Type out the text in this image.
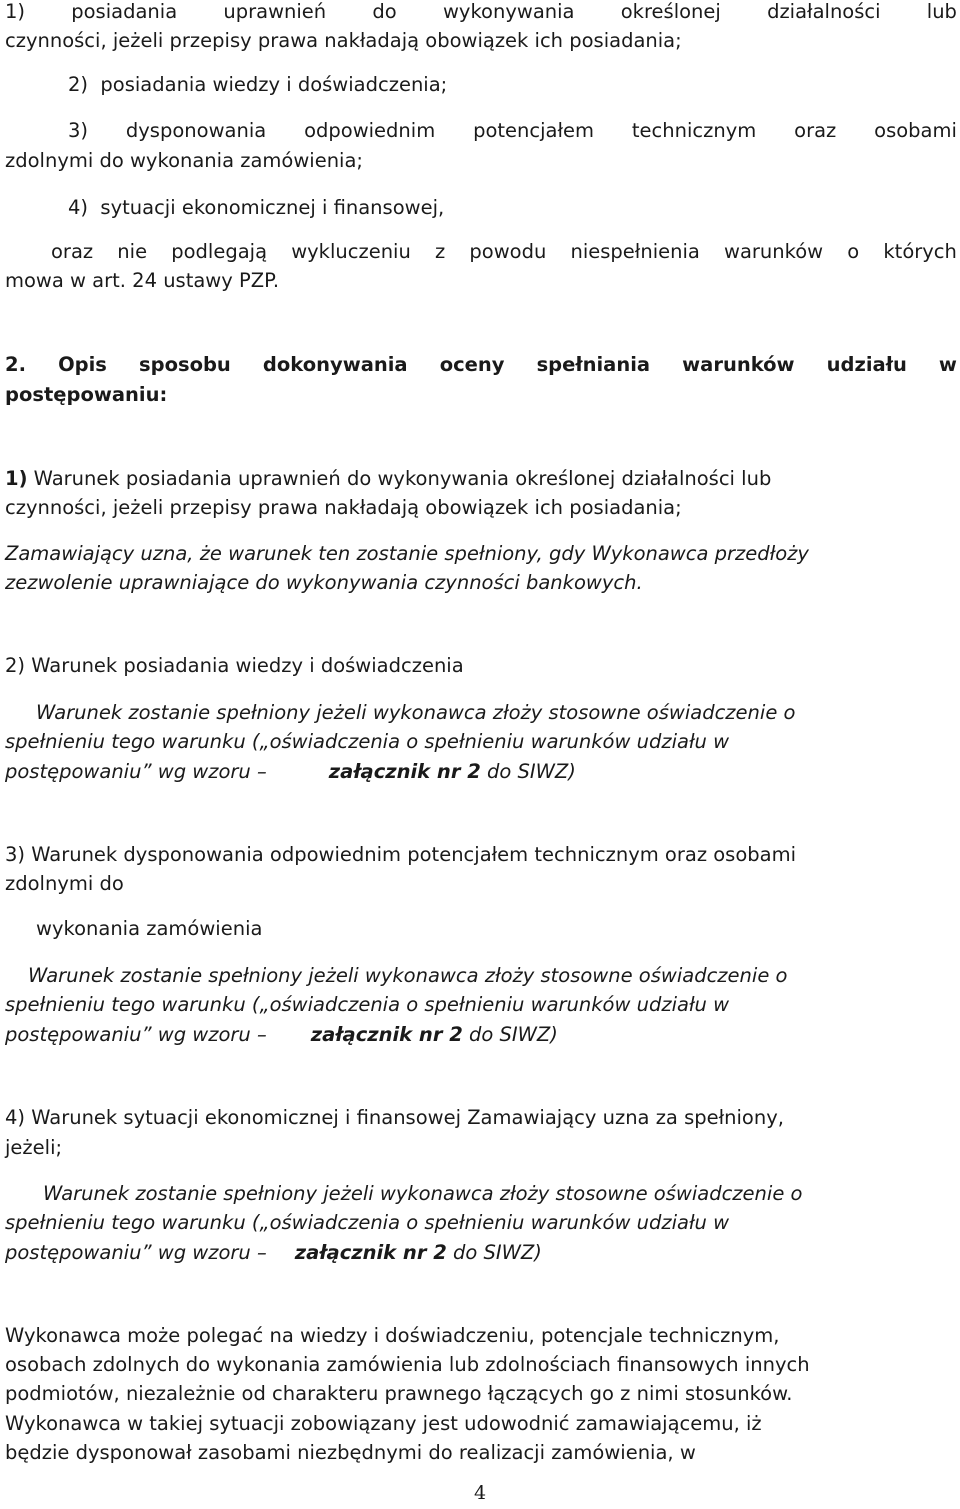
1) posiadania uprawnień do wykonywania określonej działalności lub
czynności, jeżeli przepisy prawa nakładają obowiązek ich posiadania;
2)  posiadania wiedzy i doświadczenia;
3) dysponowania odpowiednim potencjałem technicznym oraz osobami
zdolnymi do wykonania zamówienia;
4)  sytuacji ekonomicznej i finansowej,
oraz nie podlegają wykluczeniu z powodu niespełnienia warunków o których
mowa w art. 24 ustawy PZP.
2. Opis sposobu dokonywania oceny spełniania warunków udziału w
postępowaniu:
1) Warunek posiadania uprawnień do wykonywania określonej działalności lub
czynności, jeżeli przepisy prawa nakładają obowiązek ich posiadania;
Zamawiający uzna, że warunek ten zostanie spełniony, gdy Wykonawca przedłoży
zezwolenie uprawniające do wykonywania czynności bankowych.
2) Warunek posiadania wiedzy i doświadczenia
Warunek zostanie spełniony jeżeli wykonawca złoży stosowne oświadczenie o
spełnieniu tego warunku („oświadczenia o spełnieniu warunków udziału w
postępowaniu” wg wzoru –	załącznik nr 2 do SIWZ)
3) Warunek dysponowania odpowiednim potencjałem technicznym oraz osobami
zdolnymi do
wykonania zamówienia
Warunek zostanie spełniony jeżeli wykonawca złoży stosowne oświadczenie o
spełnieniu tego warunku („oświadczenia o spełnieniu warunków udziału w
postępowaniu” wg wzoru – załącznik nr 2 do SIWZ)
4) Warunek sytuacji ekonomicznej i finansowej Zamawiający uzna za spełniony,
jeżeli;
Warunek zostanie spełniony jeżeli wykonawca złoży stosowne oświadczenie o
spełnieniu tego warunku („oświadczenia o spełnieniu warunków udziału w
postępowaniu” wg wzoru – załącznik nr 2 do SIWZ)
Wykonawca może polegać na wiedzy i doświadczeniu, potencjale technicznym,
osobach zdolnych do wykonania zamówienia lub zdolnościach finansowych innych
podmiotów, niezależnie od charakteru prawnego łączących go z nimi stosunków.
Wykonawca w takiej sytuacji zobowiązany jest udowodnić zamawiającemu, iż
będzie dysponował zasobami niezbędnymi do realizacji zamówienia, w
4
